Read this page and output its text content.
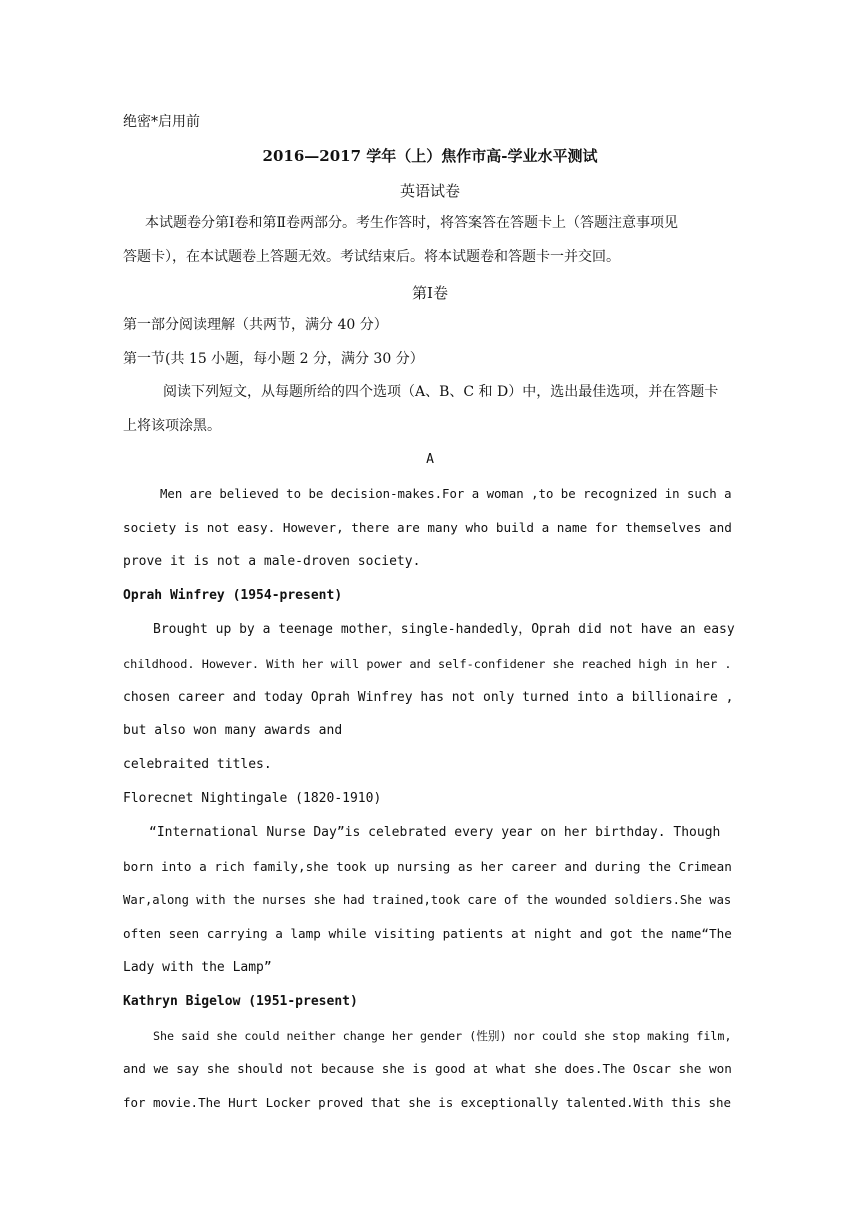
绝密*启用前
2016—2017 学年（上）焦作市高-学业水平测试
英语试卷
本试题卷分第Ⅰ卷和第Ⅱ卷两部分。考生作答时，将答案答在答题卡上（答题注意事项见
答题卡），在本试题卷上答题无效。考试结束后。将本试题卷和答题卡一并交回。
第Ⅰ卷
第一部分阅读理解（共两节，满分 40 分）
第一节(共 15 小题，每小题 2 分，满分 30 分）
阅读下列短文，从每题所给的四个选项（A、B、C 和 D）中，选出最佳选项，并在答题卡
上将该项涂黑。
A
Men are believed to be decision-makes.For a woman ,to be recognized in such a
society is not easy. However, there are many who build a name for themselves and
prove it is not a male-droven society.
Oprah Winfrey (1954-present)
Brought up by a teenage mother，single-handedly，Oprah did not have an easy
childhood. However. With her will power and self-confidener she reached high in her .
chosen career and today Oprah Winfrey has not only turned into a billionaire ,
but also won many awards and
celebraited titles.
Florecnet Nightingale (1820-1910)
“International Nurse Day”is celebrated every year on her birthday. Though
born into a rich family,she took up nursing as her career and during the Crimean
War,along with the nurses she had trained,took care of the wounded soldiers.She was
often seen carrying a lamp while visiting patients at night and got the name“The
Lady with the Lamp”
Kathryn Bigelow (1951-present)
She said she could neither change her gender (性别) nor could she stop making film,
and we say she should not because she is good at what she does.The Oscar she won
for movie.The Hurt Locker proved that she is exceptionally talented.With this she
